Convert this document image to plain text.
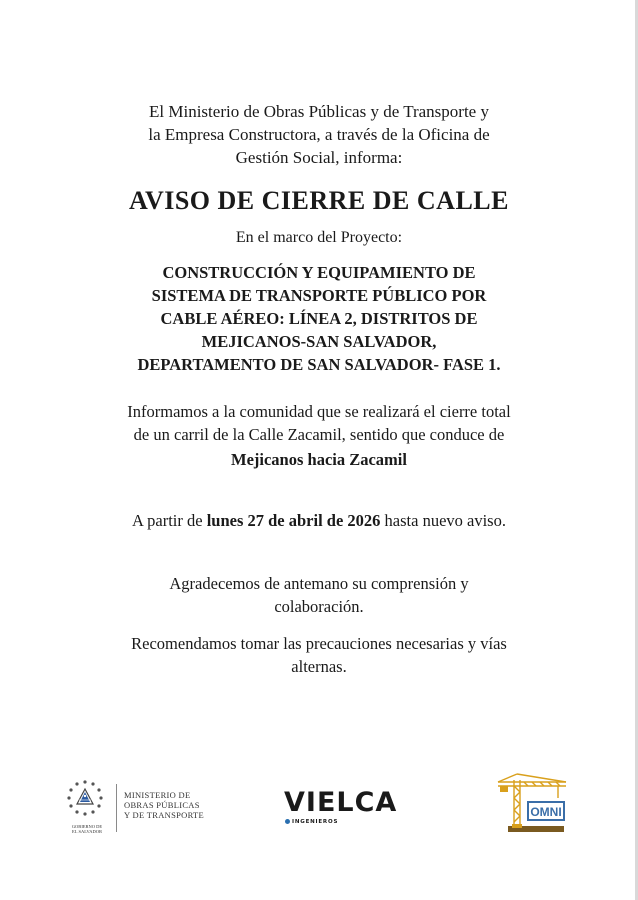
El Ministerio de Obras Públicas y de Transporte y
la Empresa Constructora, a través de la Oficina de
Gestión Social, informa:
AVISO DE CIERRE DE CALLE
En el marco del Proyecto:
CONSTRUCCIÓN Y EQUIPAMIENTO DE
SISTEMA DE TRANSPORTE PÚBLICO POR
CABLE AÉREO: LÍNEA 2, DISTRITOS DE
MEJICANOS-SAN SALVADOR,
DEPARTAMENTO DE SAN SALVADOR- FASE 1.
Informamos a la comunidad que se realizará el cierre total
de un carril de la Calle Zacamil, sentido que conduce de
Mejicanos hacia Zacamil
A partir de lunes 27 de abril de 2026 hasta nuevo aviso.
Agradecemos de antemano su comprensión y
colaboración.
Recomendamos tomar las precauciones necesarias y vías
alternas.
GOBIERNO DE
EL SALVADOR
MINISTERIO DE
OBRAS PÚBLICAS
Y DE TRANSPORTE	VIELCA
INGENIEROS
OMNI
